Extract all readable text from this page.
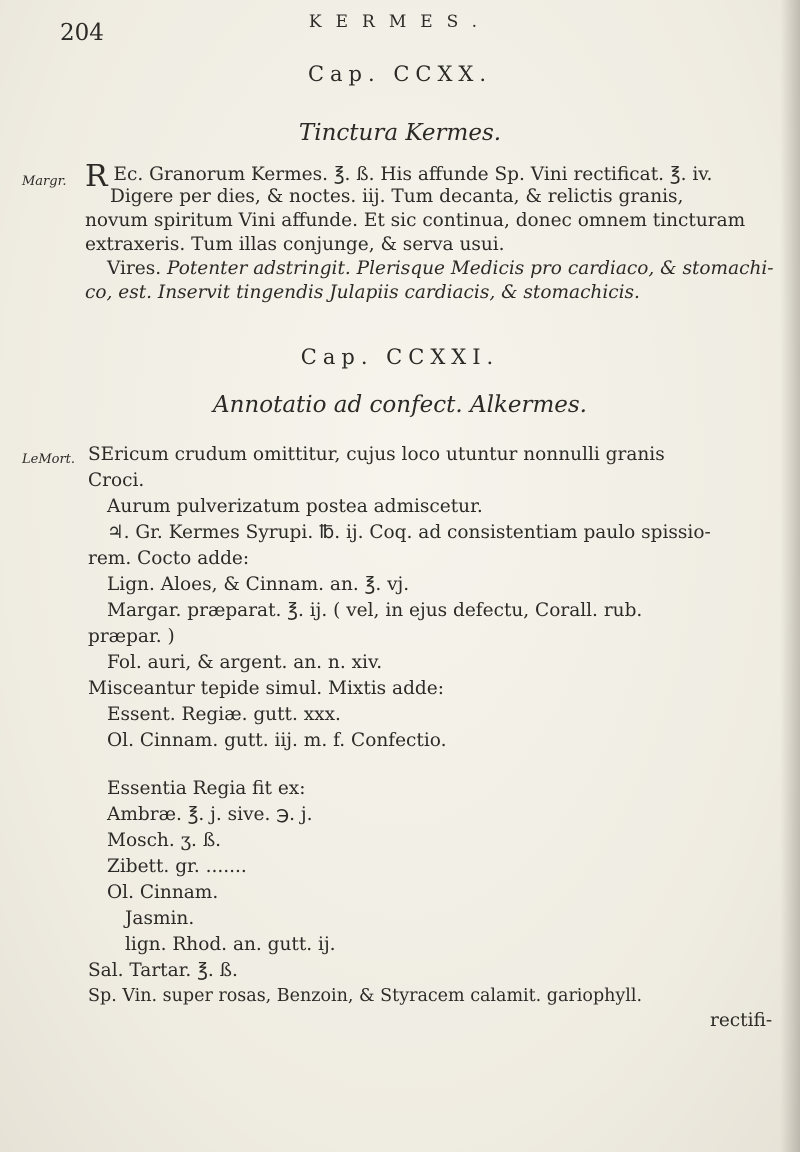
204	KERMES.
Cap. CCXX.
Tinctura Kermes.
Margr. R Ec. Granorum Kermes. ℥. ß. His affunde Sp. Vini rectificat. ℥. iv.
Digere per dies, & noctes. iij. Tum decanta, & relictis granis,
novum spiritum Vini affunde. Et sic continua, donec omnem tincturam
extraxeris. Tum illas conjunge, & serva usui.
Vires. Potenter adstringit. Plerisque Medicis pro cardiaco, & stomachi-
co, est. Inservit tingendis Julapiis cardiacis, & stomachicis.
Cap. CCXXI.
Annotatio ad confect. Alkermes.
LeMort. SEricum crudum omittitur, cujus loco utuntur nonnulli granis
Croci.
Aurum pulverizatum postea admiscetur.
♃. Gr. Kermes Syrupi. ℔. ij. Coq. ad consistentiam paulo spissio-
rem. Cocto adde:
Lign. Aloes, & Cinnam. an. ℥. vj.
Margar. præparat. ℥. ij. ( vel, in ejus defectu, Corall. rub.
præpar. )
Fol. auri, & argent. an. n. xiv.
Misceantur tepide simul. Mixtis adde:
Essent. Regiæ. gutt. xxx.
Ol. Cinnam. gutt. iij. m. f. Confectio.
Essentia Regia fit ex:
Ambræ. ℥. j. sive. ℈. j.
Mosch. ʒ. ß.
Zibett. gr. .......
Ol. Cinnam.
Jasmin.
lign. Rhod. an. gutt. ij.
Sal. Tartar. ℥. ß.
Sp. Vin. super rosas, Benzoin, & Styracem calamit. gariophyll.
rectifi-
